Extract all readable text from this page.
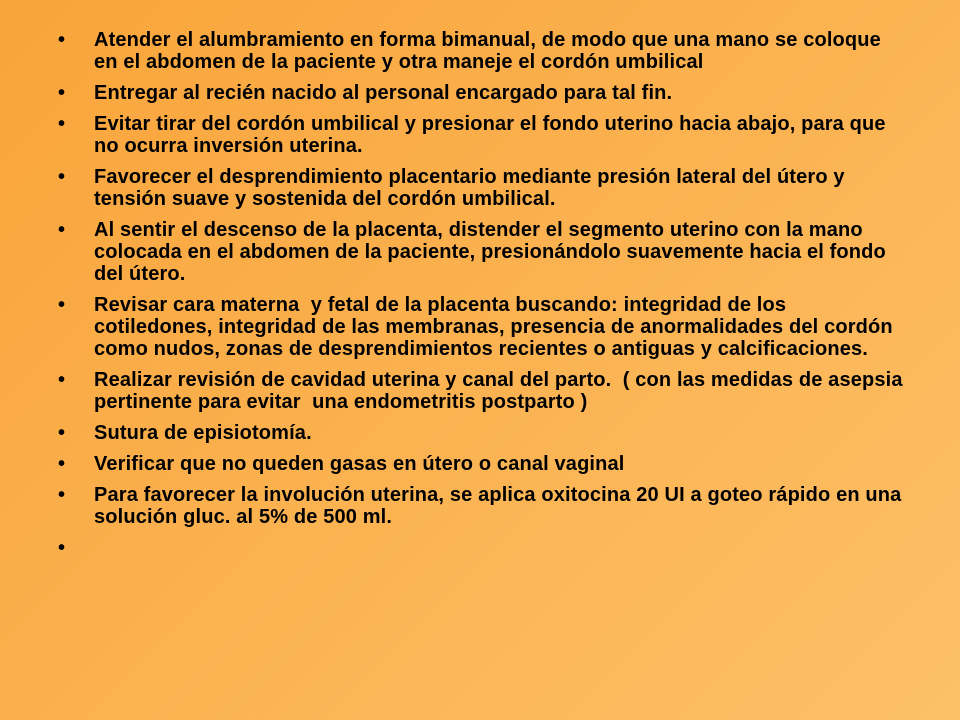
•	Atender el alumbramiento en forma bimanual, de modo que una mano se coloque en el abdomen de la paciente y otra maneje el cordón umbilical
•	Entregar al recién nacido al personal encargado para tal fin.
•	Evitar tirar del cordón umbilical y presionar el fondo uterino hacia abajo, para que no ocurra inversión uterina.
•	Favorecer el desprendimiento placentario mediante presión lateral del útero y tensión suave y sostenida del cordón umbilical.
•	Al sentir el descenso de la placenta, distender el segmento uterino con la mano colocada en el abdomen de la paciente, presionándolo suavemente hacia el fondo del útero.
•	Revisar cara materna  y fetal de la placenta buscando: integridad de los cotiledones, integridad de las membranas, presencia de anormalidades del cordón como nudos, zonas de desprendimientos recientes o antiguas y calcificaciones.
•	Realizar revisión de cavidad uterina y canal del parto.  ( con las medidas de asepsia pertinente para evitar  una endometritis postparto )
•	Sutura de episiotomía.
•	Verificar que no queden gasas en útero o canal vaginal
•	Para favorecer la involución uterina, se aplica oxitocina 20 UI a goteo rápido en una solución gluc. al 5% de 500 ml.
•
